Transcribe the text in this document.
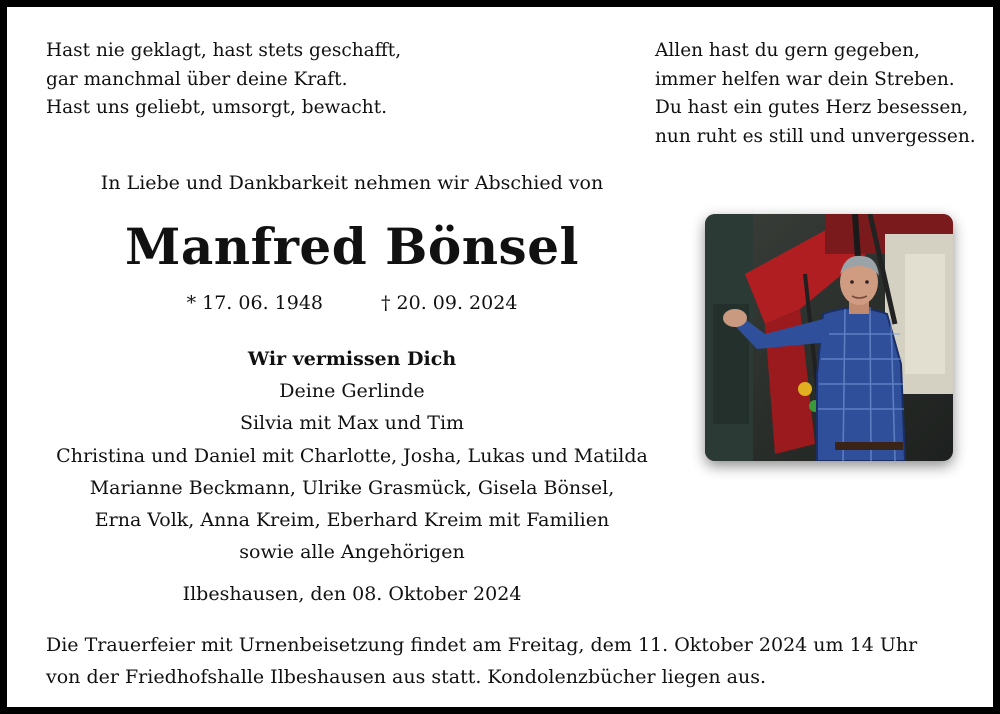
Hast nie geklagt, hast stets geschafft,
gar manchmal über deine Kraft.
Hast uns geliebt, umsorgt, bewacht.
Allen hast du gern gegeben,
immer helfen war dein Streben.
Du hast ein gutes Herz besessen,
nun ruht es still und unvergessen.
In Liebe und Dankbarkeit nehmen wir Abschied von
Manfred Bönsel
* 17. 06. 1948	† 20. 09. 2024
Wir vermissen Dich
Deine Gerlinde
Silvia mit Max und Tim
Christina und Daniel mit Charlotte, Josha, Lukas und Matilda
Marianne Beckmann, Ulrike Grasmück, Gisela Bönsel,
Erna Volk, Anna Kreim, Eberhard Kreim mit Familien
sowie alle Angehörigen
Ilbeshausen, den 08. Oktober 2024
Die Trauerfeier mit Urnenbeisetzung findet am Freitag, dem 11. Oktober 2024 um 14 Uhr
von der Friedhofshalle Ilbeshausen aus statt. Kondolenzbücher liegen aus.
